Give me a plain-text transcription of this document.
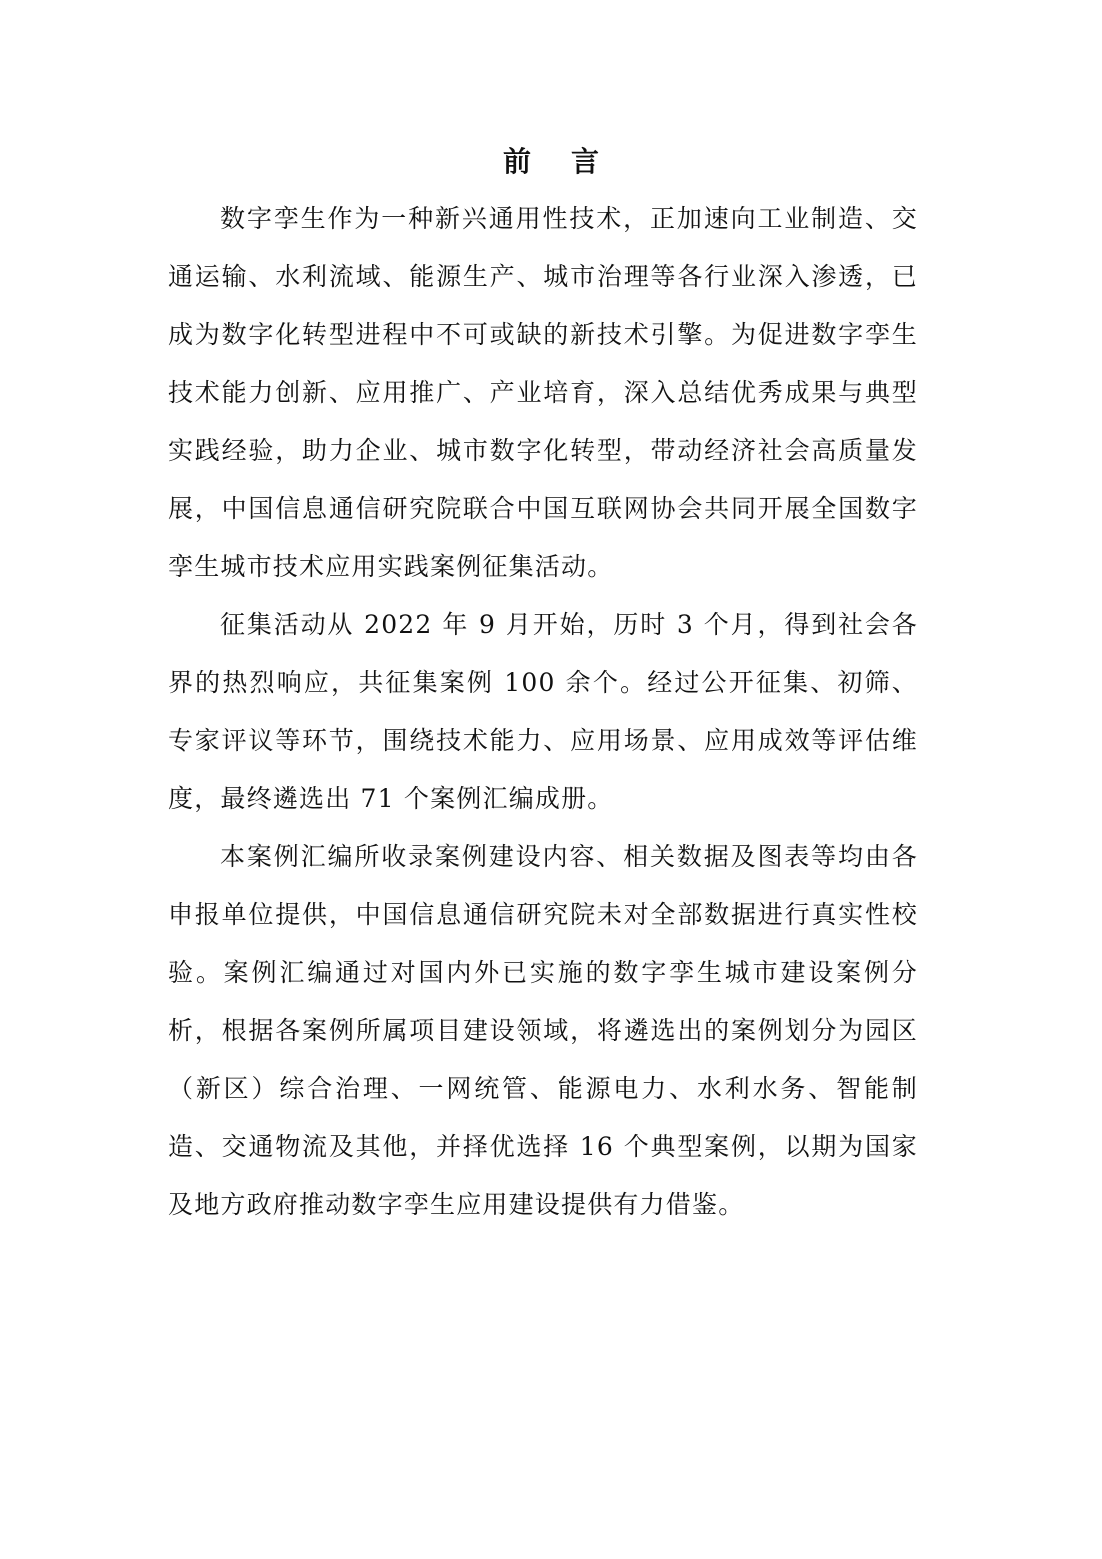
前 言

数字孪生作为一种新兴通用性技术，正加速向工业制造、交通运输、水利流域、能源生产、城市治理等各行业深入渗透，已成为数字化转型进程中不可或缺的新技术引擎。为促进数字孪生技术能力创新、应用推广、产业培育，深入总结优秀成果与典型实践经验，助力企业、城市数字化转型，带动经济社会高质量发展，中国信息通信研究院联合中国互联网协会共同开展全国数字孪生城市技术应用实践案例征集活动。

征集活动从 2022 年 9 月开始，历时 3 个月，得到社会各界的热烈响应，共征集案例 100 余个。经过公开征集、初筛、专家评议等环节，围绕技术能力、应用场景、应用成效等评估维度，最终遴选出 71 个案例汇编成册。

本案例汇编所收录案例建设内容、相关数据及图表等均由各申报单位提供，中国信息通信研究院未对全部数据进行真实性校验。案例汇编通过对国内外已实施的数字孪生城市建设案例分析，根据各案例所属项目建设领域，将遴选出的案例划分为园区（新区）综合治理、一网统管、能源电力、水利水务、智能制造、交通物流及其他，并择优选择 16 个典型案例，以期为国家及地方政府推动数字孪生应用建设提供有力借鉴。
